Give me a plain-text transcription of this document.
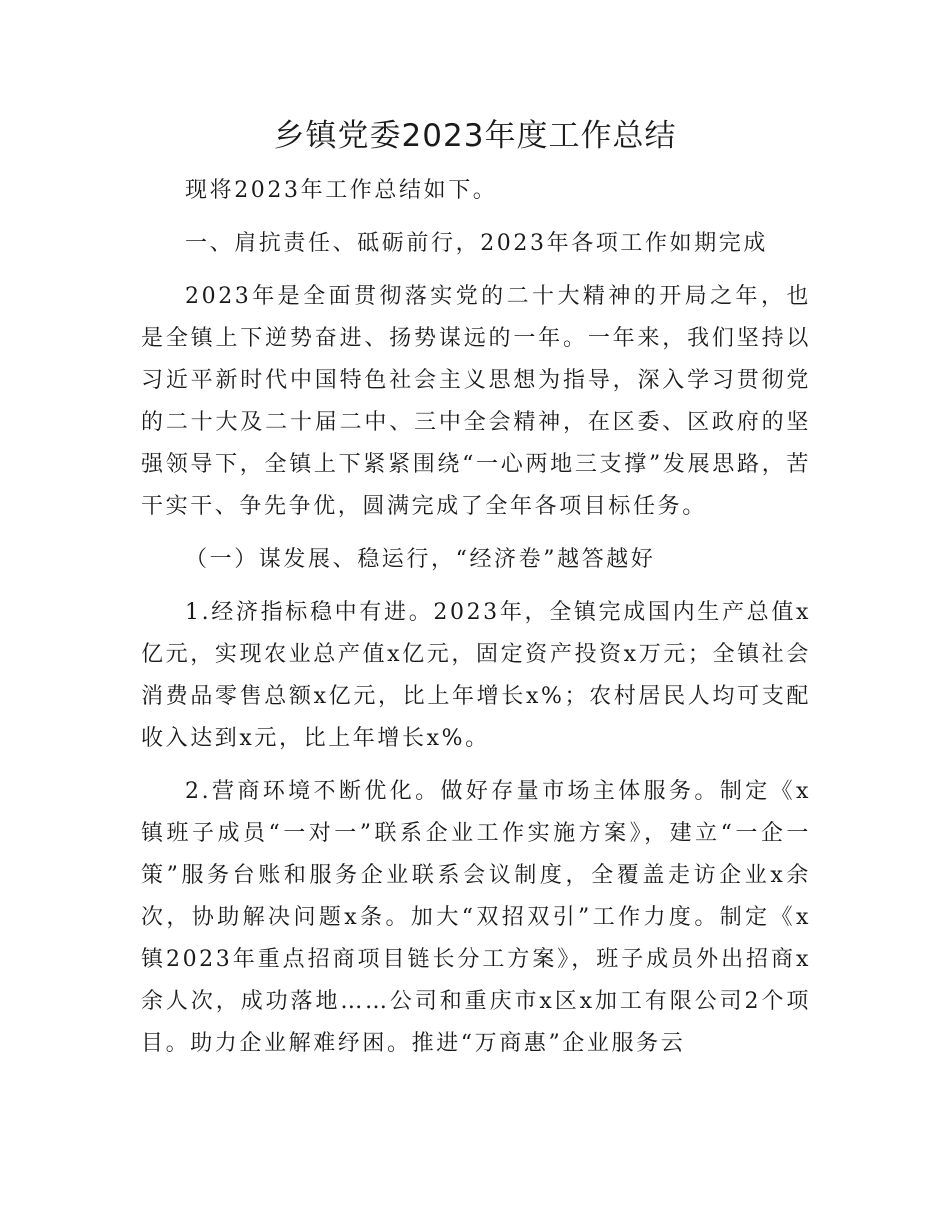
乡镇党委2023年度工作总结

现将2023年工作总结如下。

一、肩抗责任、砥砺前行，2023年各项工作如期完成

2023年是全面贯彻落实党的二十大精神的开局之年，也是全镇上下逆势奋进、扬势谋远的一年。一年来，我们坚持以习近平新时代中国特色社会主义思想为指导，深入学习贯彻党的二十大及二十届二中、三中全会精神，在区委、区政府的坚强领导下，全镇上下紧紧围绕“一心两地三支撑”发展思路，苦干实干、争先争优，圆满完成了全年各项目标任务。

（一）谋发展、稳运行，“经济卷”越答越好

1.经济指标稳中有进。2023年，全镇完成国内生产总值x亿元，实现农业总产值x亿元，固定资产投资x万元；全镇社会消费品零售总额x亿元，比上年增长x%；农村居民人均可支配收入达到x元，比上年增长x%。

2.营商环境不断优化。做好存量市场主体服务。制定《x镇班子成员“一对一”联系企业工作实施方案》，建立“一企一策”服务台账和服务企业联系会议制度，全覆盖走访企业x余次，协助解决问题x条。加大“双招双引”工作力度。制定《x镇2023年重点招商项目链长分工方案》，班子成员外出招商x余人次，成功落地……公司和重庆市x区x加工有限公司2个项目。助力企业解难纾困。推进“万商惠”企业服务云
